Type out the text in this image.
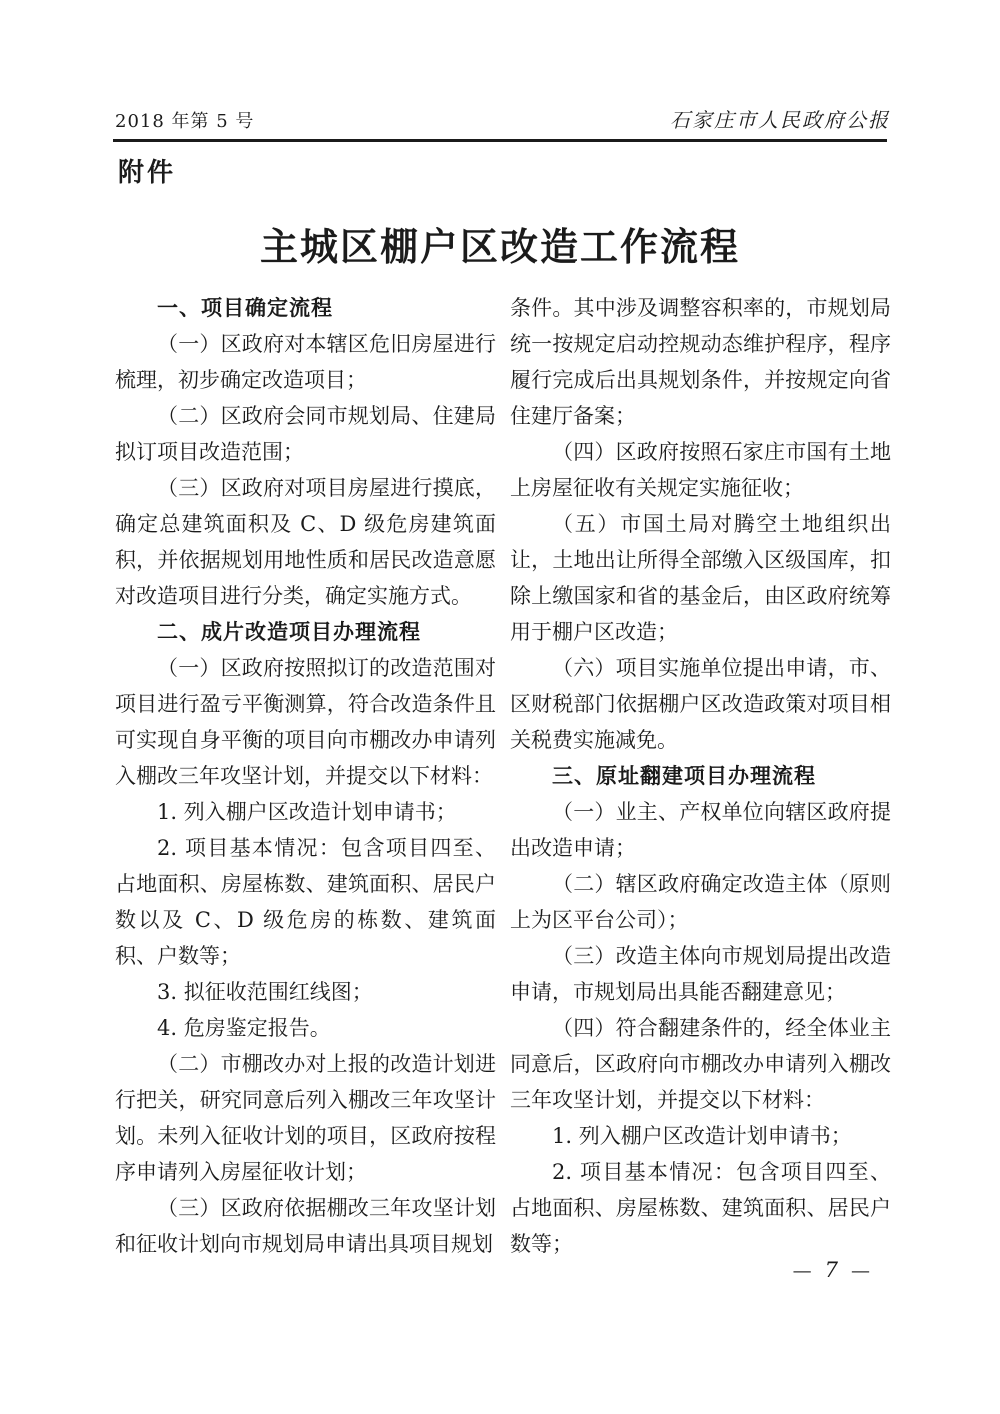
2018 年第 5 号	石家庄市人民政府公报
附件
主城区棚户区改造工作流程

一、项目确定流程

（一）区政府对本辖区危旧房屋进行梳理，初步确定改造项目；

（二）区政府会同市规划局、住建局拟订项目改造范围；

（三）区政府对项目房屋进行摸底，确定总建筑面积及 C、D 级危房建筑面积，并依据规划用地性质和居民改造意愿对改造项目进行分类，确定实施方式。

二、成片改造项目办理流程

（一）区政府按照拟订的改造范围对项目进行盈亏平衡测算，符合改造条件且可实现自身平衡的项目向市棚改办申请列入棚改三年攻坚计划，并提交以下材料：

1. 列入棚户区改造计划申请书；

2. 项目基本情况：包含项目四至、占地面积、房屋栋数、建筑面积、居民户数以及 C、D 级危房的栋数、建筑面积、户数等；

3. 拟征收范围红线图；

4. 危房鉴定报告。

（二）市棚改办对上报的改造计划进行把关，研究同意后列入棚改三年攻坚计划。未列入征收计划的项目，区政府按程序申请列入房屋征收计划；

（三）区政府依据棚改三年攻坚计划和征收计划向市规划局申请出具项目规划

条件。其中涉及调整容积率的，市规划局统一按规定启动控规动态维护程序，程序履行完成后出具规划条件，并按规定向省住建厅备案；

（四）区政府按照石家庄市国有土地上房屋征收有关规定实施征收；

（五）市国土局对腾空土地组织出让，土地出让所得全部缴入区级国库，扣除上缴国家和省的基金后，由区政府统筹用于棚户区改造；

（六）项目实施单位提出申请，市、区财税部门依据棚户区改造政策对项目相关税费实施减免。

三、原址翻建项目办理流程

（一）业主、产权单位向辖区政府提出改造申请；

（二）辖区政府确定改造主体（原则上为区平台公司）；

（三）改造主体向市规划局提出改造申请，市规划局出具能否翻建意见；

（四）符合翻建条件的，经全体业主同意后，区政府向市棚改办申请列入棚改三年攻坚计划，并提交以下材料：

1. 列入棚户区改造计划申请书；

2. 项目基本情况：包含项目四至、占地面积、房屋栋数、建筑面积、居民户数等；

— 7 —
